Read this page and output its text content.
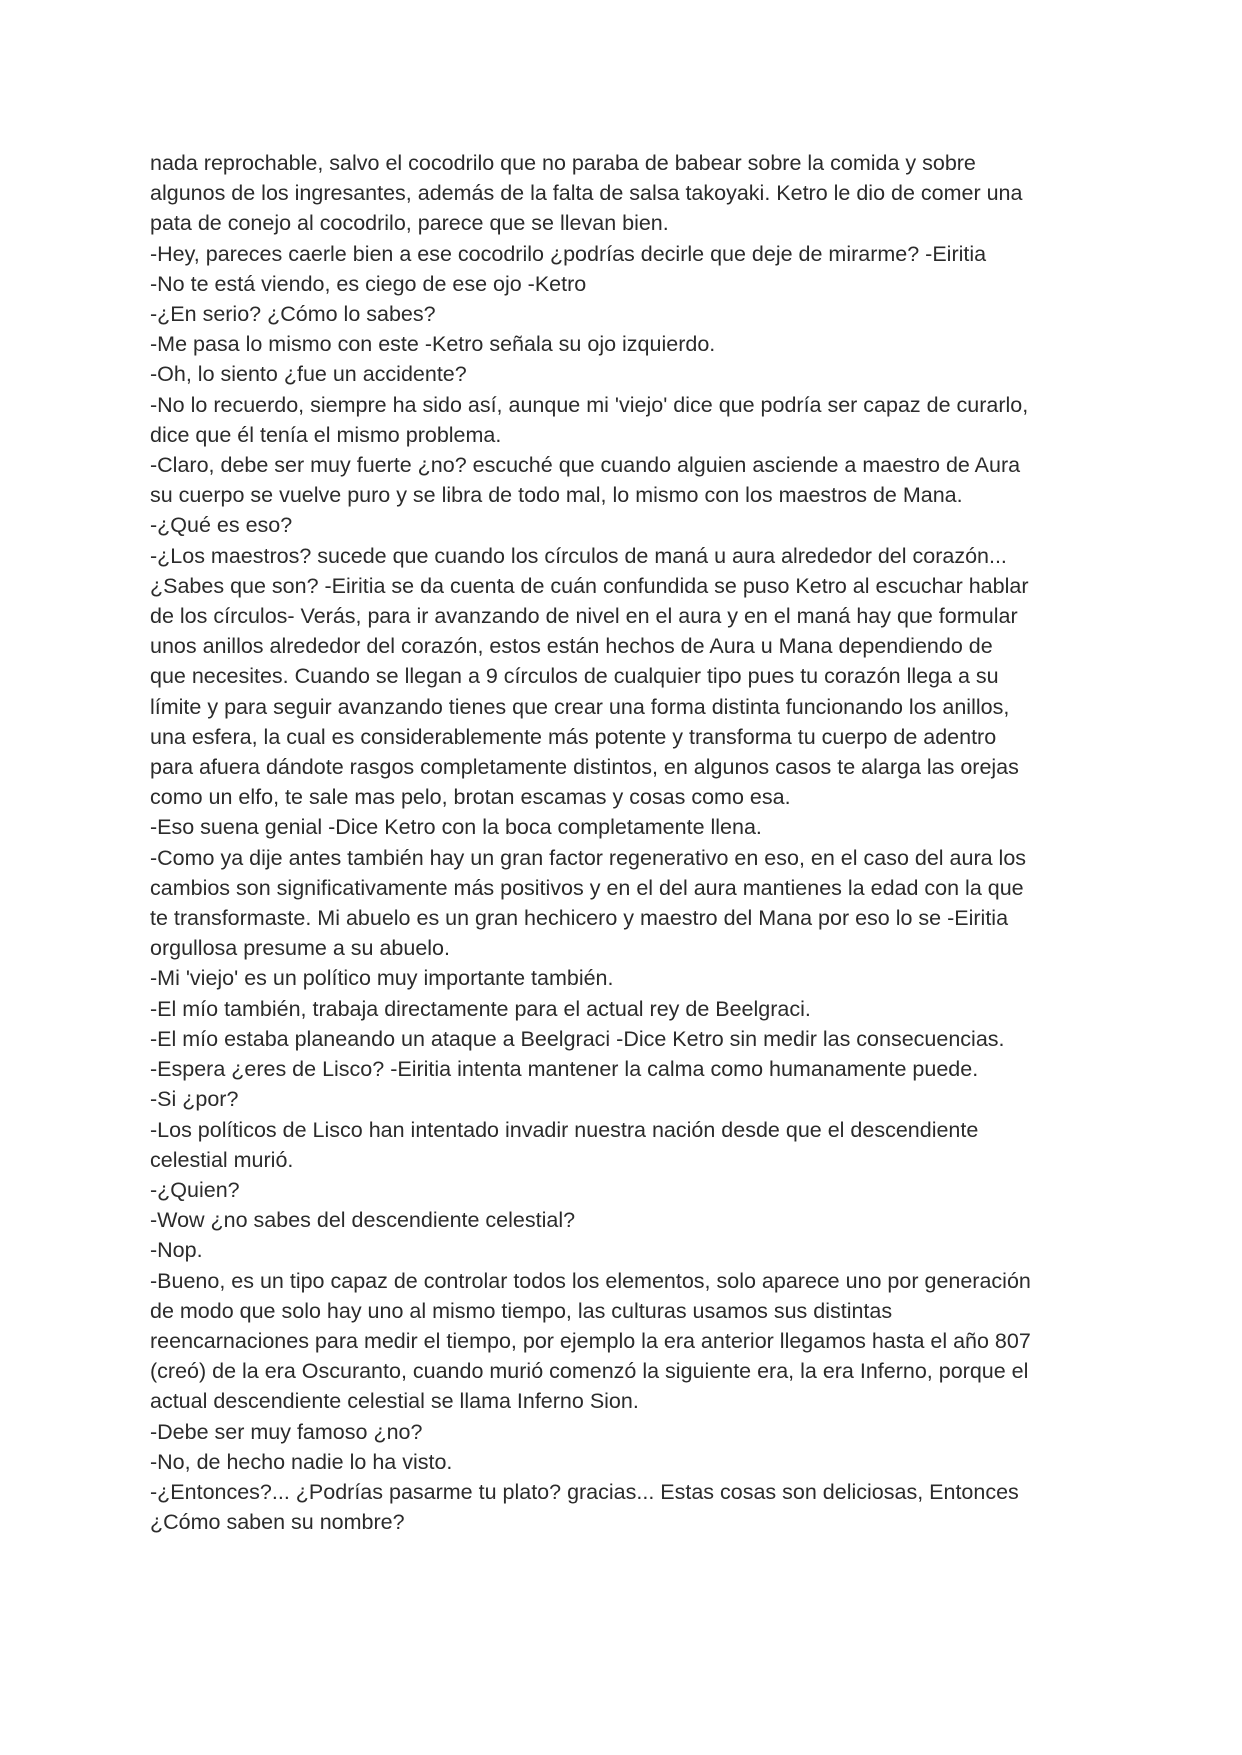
nada reprochable, salvo el cocodrilo que no paraba de babear sobre la comida y sobre
algunos de los ingresantes, además de la falta de salsa takoyaki. Ketro le dio de comer una
pata de conejo al cocodrilo, parece que se llevan bien.
-Hey, pareces caerle bien a ese cocodrilo ¿podrías decirle que deje de mirarme? -Eiritia
-No te está viendo, es ciego de ese ojo -Ketro
-¿En serio? ¿Cómo lo sabes?
-Me pasa lo mismo con este -Ketro señala su ojo izquierdo.
-Oh, lo siento ¿fue un accidente?
-No lo recuerdo, siempre ha sido así, aunque mi 'viejo' dice que podría ser capaz de curarlo,
dice que él tenía el mismo problema.
-Claro, debe ser muy fuerte ¿no? escuché que cuando alguien asciende a maestro de Aura
su cuerpo se vuelve puro y se libra de todo mal, lo mismo con los maestros de Mana.
-¿Qué es eso?
-¿Los maestros? sucede que cuando los círculos de maná u aura alrededor del corazón...
¿Sabes que son? -Eiritia se da cuenta de cuán confundida se puso Ketro al escuchar hablar
de los círculos- Verás, para ir avanzando de nivel en el aura y en el maná hay que formular
unos anillos alrededor del corazón, estos están hechos de Aura u Mana dependiendo de
que necesites. Cuando se llegan a 9 círculos de cualquier tipo pues tu corazón llega a su
límite y para seguir avanzando tienes que crear una forma distinta funcionando los anillos,
una esfera, la cual es considerablemente más potente y transforma tu cuerpo de adentro
para afuera dándote rasgos completamente distintos, en algunos casos te alarga las orejas
como un elfo, te sale mas pelo, brotan escamas y cosas como esa.
-Eso suena genial -Dice Ketro con la boca completamente llena.
-Como ya dije antes también hay un gran factor regenerativo en eso, en el caso del aura los
cambios son significativamente más positivos y en el del aura mantienes la edad con la que
te transformaste. Mi abuelo es un gran hechicero y maestro del Mana por eso lo se -Eiritia
orgullosa presume a su abuelo.
-Mi 'viejo' es un político muy importante también.
-El mío también, trabaja directamente para el actual rey de Beelgraci.
-El mío estaba planeando un ataque a Beelgraci -Dice Ketro sin medir las consecuencias.
-Espera ¿eres de Lisco? -Eiritia intenta mantener la calma como humanamente puede.
-Si ¿por?
-Los políticos de Lisco han intentado invadir nuestra nación desde que el descendiente
celestial murió.
-¿Quien?
-Wow ¿no sabes del descendiente celestial?
-Nop.
-Bueno, es un tipo capaz de controlar todos los elementos, solo aparece uno por generación
de modo que solo hay uno al mismo tiempo, las culturas usamos sus distintas
reencarnaciones para medir el tiempo, por ejemplo la era anterior llegamos hasta el año 807
(creó) de la era Oscuranto, cuando murió comenzó la siguiente era, la era Inferno, porque el
actual descendiente celestial se llama Inferno Sion.
-Debe ser muy famoso ¿no?
-No, de hecho nadie lo ha visto.
-¿Entonces?... ¿Podrías pasarme tu plato? gracias... Estas cosas son deliciosas, Entonces
¿Cómo saben su nombre?
